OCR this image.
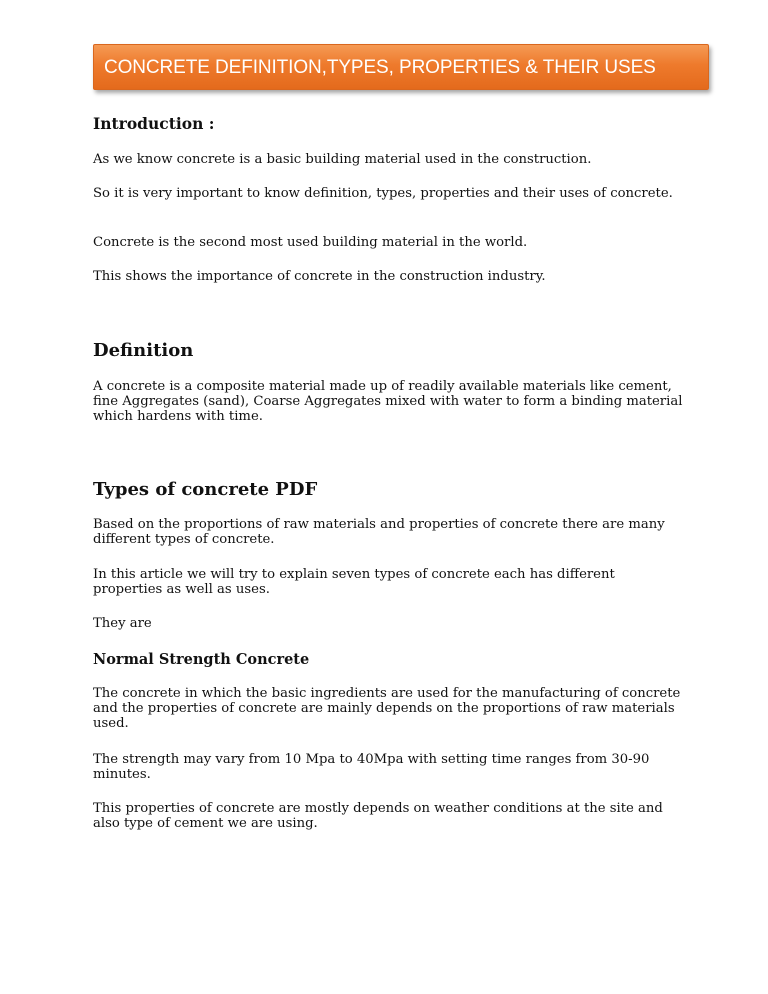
CONCRETE DEFINITION,TYPES, PROPERTIES & THEIR USES
Introduction :

As we know concrete is a basic building material used in the construction.

So it is very important to know definition, types, properties and their uses of concrete.

Concrete is the second most used building material in the world.

This shows the importance of concrete in the construction industry.

Definition

A concrete is a composite material made up of readily available materials like cement, fine Aggregates (sand), Coarse Aggregates mixed with water to form a binding material which hardens with time.

Types of concrete PDF

Based on the proportions of raw materials and properties of concrete there are many different types of concrete.

In this article we will try to explain seven types of concrete each has different properties as well as uses.

They are

Normal Strength Concrete

The concrete in which the basic ingredients are used for the manufacturing of concrete and the properties of concrete are mainly depends on the proportions of raw materials used.

The strength may vary from 10 Mpa to 40Mpa with setting time ranges from 30-90 minutes.

This properties of concrete are mostly depends on weather conditions at the site and also type of cement we are using.
